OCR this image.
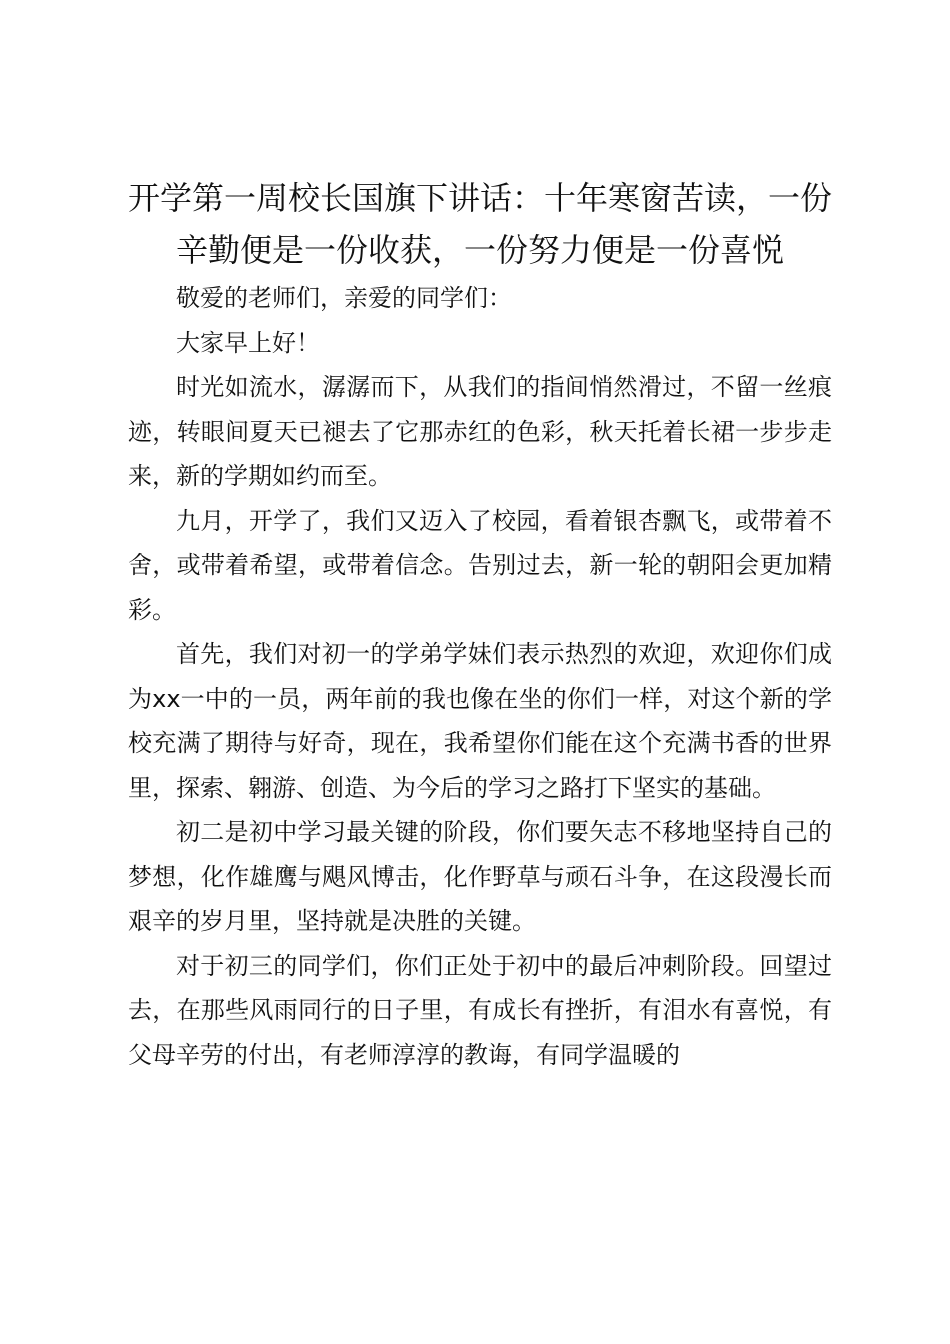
开学第一周校长国旗下讲话：十年寒窗苦读，一份辛勤便是一份收获，一份努力便是一份喜悦

敬爱的老师们，亲爱的同学们：

大家早上好！

时光如流水，潺潺而下，从我们的指间悄然滑过，不留一丝痕迹，转眼间夏天已褪去了它那赤红的色彩，秋天托着长裙一步步走来，新的学期如约而至。

九月，开学了，我们又迈入了校园，看着银杏飘飞，或带着不舍，或带着希望，或带着信念。告别过去，新一轮的朝阳会更加精彩。

首先，我们对初一的学弟学妹们表示热烈的欢迎，欢迎你们成为xx一中的一员，两年前的我也像在坐的你们一样，对这个新的学校充满了期待与好奇，现在，我希望你们能在这个充满书香的世界里，探索、翱游、创造、为今后的学习之路打下坚实的基础。

初二是初中学习最关键的阶段，你们要矢志不移地坚持自己的梦想，化作雄鹰与飓风博击，化作野草与顽石斗争，在这段漫长而艰辛的岁月里，坚持就是决胜的关键。

对于初三的同学们，你们正处于初中的最后冲刺阶段。回望过去，在那些风雨同行的日子里，有成长有挫折，有泪水有喜悦，有父母辛劳的付出，有老师淳淳的教诲，有同学温暖的
